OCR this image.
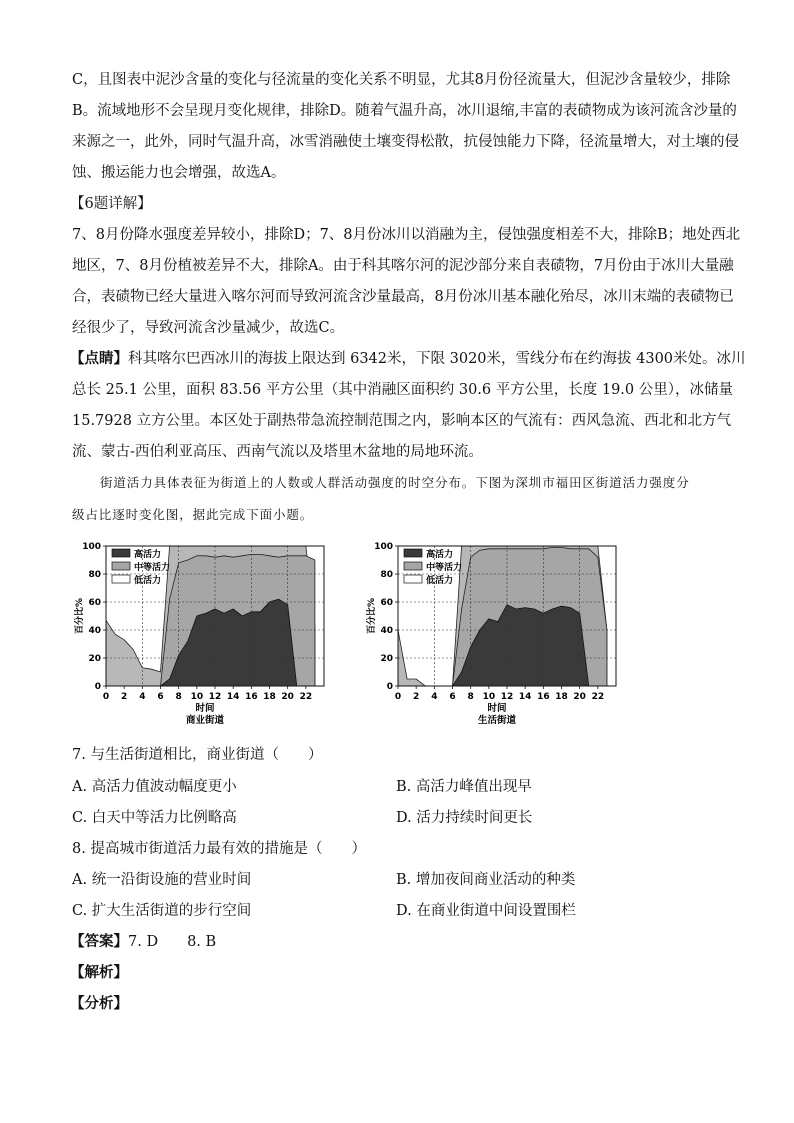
C，且图表中泥沙含量的变化与径流量的变化关系不明显，尤其8月份径流量大，但泥沙含量较少，排除
B。流域地形不会呈现月变化规律，排除D。随着气温升高，冰川退缩,丰富的表碛物成为该河流含沙量的
来源之一，此外，同时气温升高，冰雪消融使土壤变得松散，抗侵蚀能力下降，径流量增大，对土壤的侵
蚀、搬运能力也会增强，故选A。
【6题详解】
7、8月份降水强度差异较小，排除D；7、8月份冰川以消融为主，侵蚀强度相差不大，排除B；地处西北
地区，7、8月份植被差异不大，排除A。由于科其喀尔河的泥沙部分来自表碛物，7月份由于冰川大量融
合，表碛物已经大量进入喀尔河而导致河流含沙量最高，8月份冰川基本融化殆尽，冰川末端的表碛物已
经很少了，导致河流含沙量减少，故选C。
【点睛】科其喀尔巴西冰川的海拔上限达到 6342米，下限 3020米，雪线分布在约海拔 4300米处。冰川
总长 25.1 公里，面积 83.56 平方公里（其中消融区面积约 30.6 平方公里，长度 19.0 公里），冰储量
15.7928 立方公里。本区处于副热带急流控制范围之内，影响本区的气流有：西风急流、西北和北方气
流、蒙古-西伯利亚高压、西南气流以及塔里木盆地的局地环流。
街道活力具体表征为街道上的人数或人群活动强度的时空分布。下图为深圳市福田区街道活力强度分
级占比逐时变化图，据此完成下面小题。
0
20
40
60
80
100
0 2 4 6 8 10 12 14 16 18 20 22
时间
商业街道
百分比%
高活力
中等活力
低活力
0
20
40
60
80
100
0 2 4 6 8 10 12 14 16 18 20 22
时间
生活街道
百分比%
高活力
中等活力
低活力
7. 与生活街道相比，商业街道（　　）
A. 高活力值波动幅度更小	B. 高活力峰值出现早
C. 白天中等活力比例略高	D. 活力持续时间更长
8. 提高城市街道活力最有效的措施是（　　）
A. 统一沿街设施的营业时间	B. 增加夜间商业活动的种类
C. 扩大生活街道的步行空间	D. 在商业街道中间设置围栏
【答案】7. D　　8. B
【解析】
【分析】
